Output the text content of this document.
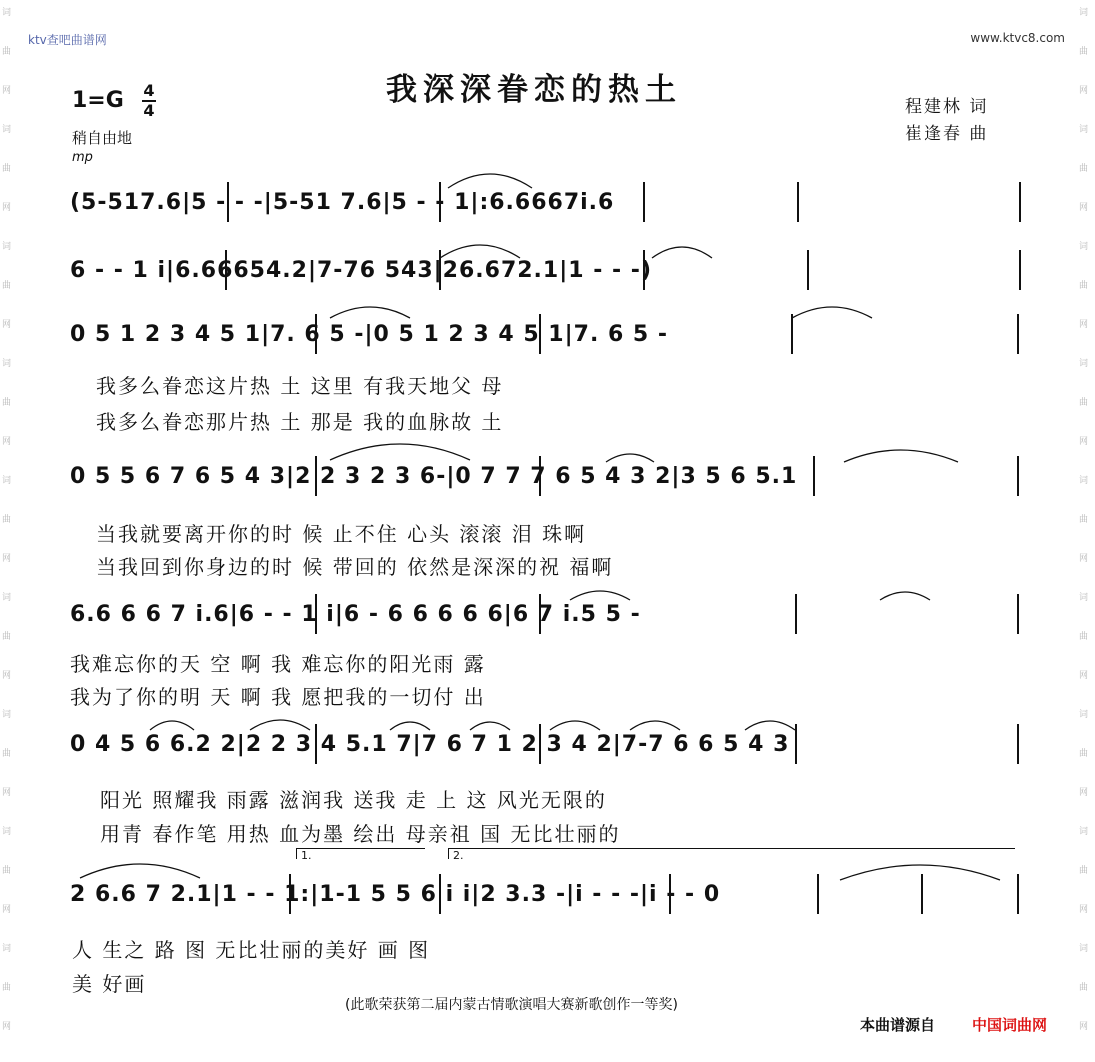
词
曲
网
词
曲
网
词
曲
网
词
曲
网
词
曲
网
词
曲
网
词
曲
网
词
曲
网
词
曲
网
词
曲
网
词
曲
网
词
曲
网
词
曲
网
词
曲
网
词
曲
网
词
曲
网
词
曲
网
词
曲
网
ktv查吧曲谱网	www.ktvc8.com
我深深眷恋的热土
1=G 4
4
稍自由地
mp
程建林 词
崔逢春 曲
(5-517.6|5 - - -|5-51 7.6|5 - - 1|:6.6667i.6
6 - - 1 i|6.66654.2|7-76 543|26.672.1|1 - - -)
0 5 1 2 3 4 5 1|7. 6 5 -|0 5 1 2 3 4 5 1|7. 6 5 -
我多么眷恋这片热 土 这里 有我天地父 母
我多么眷恋那片热 土 那是 我的血脉故 土
0 5 5 6 7 6 5 4 3|2 2 3 2 3 6-|0 7 7 7 6 5 4 3 2|3 5 6 5.1
当我就要离开你的时 候 止不住 心头 滚滚 泪 珠啊
当我回到你身边的时 候 带回的 依然是深深的祝 福啊
6.6 6 6 7 i.6|6 - - 1 i|6 - 6 6 6 6 6|6 7 i.5 5 -
我难忘你的天 空 啊 我 难忘你的阳光雨 露
我为了你的明 天 啊 我 愿把我的一切付 出
0 4 5 6 6.2 2|2 2 3 4 5.1 7|7 6 7 1 2 3 4 2|7-7 6 6 5 4 3
阳光 照耀我 雨露 滋润我 送我 走 上 这 风光无限的
用青 春作笔 用热 血为墨 绘出 母亲祖 国 无比壮丽的
1.	2.
2 6.6 7 2.1|1 - - 1:|1-1 5 5 6 i i|2 3.3 -|i - - -|i - - 0
人 生之 路 图 无比壮丽的美好 画 图
美 好画
(此歌荣获第二届内蒙古情歌演唱大赛新歌创作一等奖)
本曲谱源自 中国词曲网
